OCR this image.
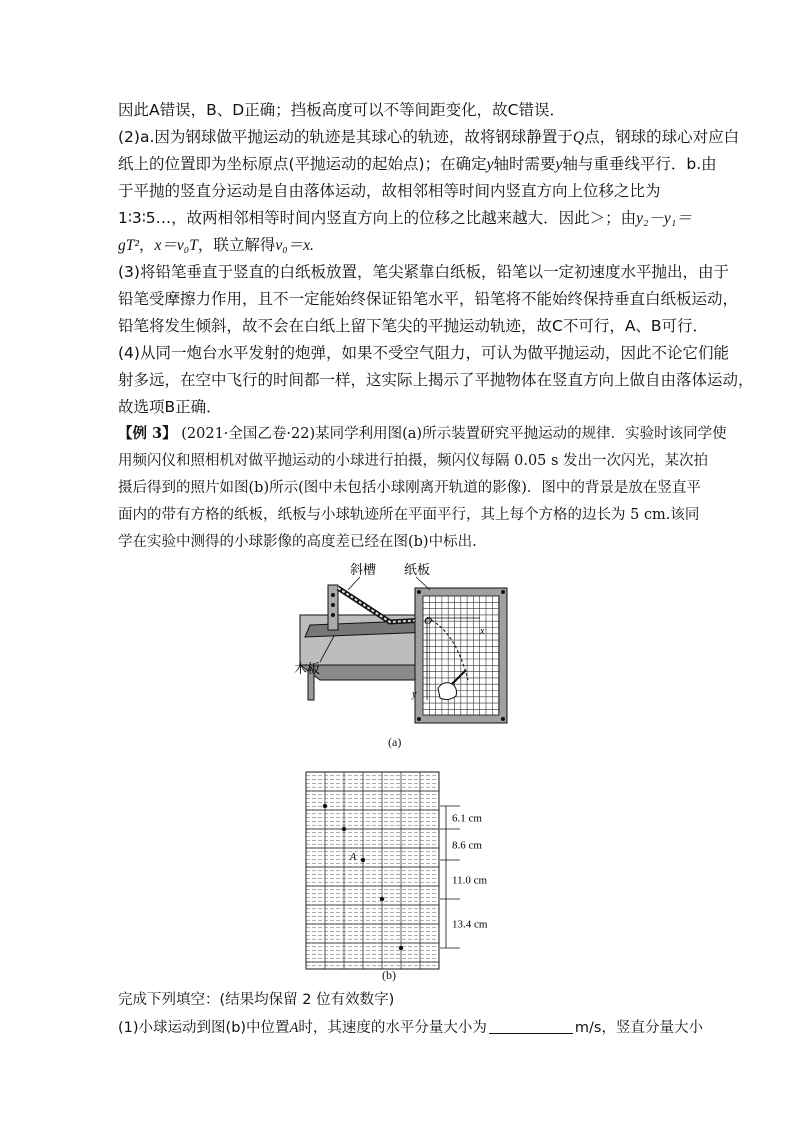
因此A错误，B、D正确；挡板高度可以不等间距变化，故C错误．
(2)a.因为钢球做平抛运动的轨迹是其球心的轨迹，故将钢球静置于Q点，钢球的球心对应白
纸上的位置即为坐标原点(平抛运动的起始点)；在确定y轴时需要y轴与重垂线平行．b.由
于平抛的竖直分运动是自由落体运动，故相邻相等时间内竖直方向上位移之比为
1∶3∶5…，故两相邻相等时间内竖直方向上的位移之比越来越大．因此＞；由y₂－y₁＝
gT²，x＝v₀T，联立解得v₀＝x.
(3)将铅笔垂直于竖直的白纸板放置，笔尖紧靠白纸板，铅笔以一定初速度水平抛出，由于
铅笔受摩擦力作用，且不一定能始终保证铅笔水平，铅笔将不能始终保持垂直白纸板运动，
铅笔将发生倾斜，故不会在白纸上留下笔尖的平抛运动轨迹，故C不可行，A、B可行．
(4)从同一炮台水平发射的炮弹，如果不受空气阻力，可认为做平抛运动，因此不论它们能
射多远，在空中飞行的时间都一样，这实际上揭示了平抛物体在竖直方向上做自由落体运动，
故选项B正确．
【例 3】 (2021·全国乙卷·22)某同学利用图(a)所示装置研究平抛运动的规律．实验时该同学使
用频闪仪和照相机对做平抛运动的小球进行拍摄，频闪仪每隔 0.05 s 发出一次闪光，某次拍
摄后得到的照片如图(b)所示(图中未包括小球刚离开轨道的影像)．图中的背景是放在竖直平
面内的带有方格的纸板，纸板与小球轨迹所在平面平行，其上每个方格的边长为 5 cm.该同
学在实验中测得的小球影像的高度差已经在图(b)中标出.
斜槽 纸板
木板
O
x
y
(a)
A
6.1 cm
8.6 cm
11.0 cm
13.4 cm
(b)
完成下列填空：(结果均保留 2 位有效数字)
(1)小球运动到图(b)中位置A时，其速度的水平分量大小为	m/s，竖直分量大小
